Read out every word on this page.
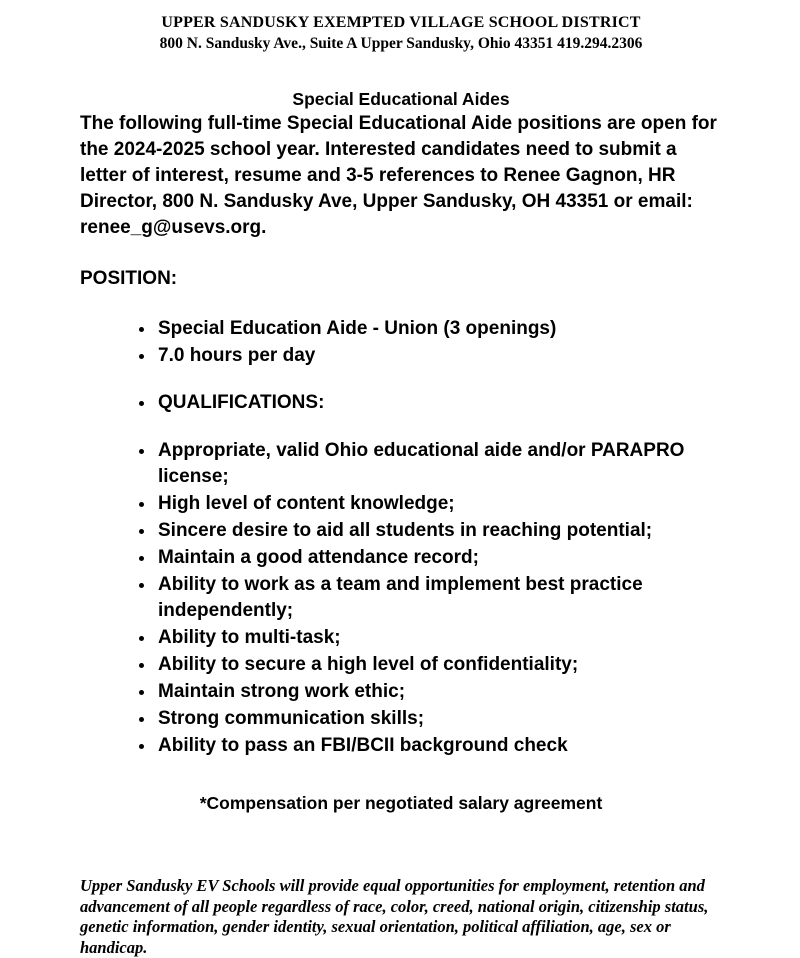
UPPER SANDUSKY EXEMPTED VILLAGE SCHOOL DISTRICT
800 N. Sandusky Ave., Suite A Upper Sandusky, Ohio 43351 419.294.2306
Special Educational Aides
The following full-time Special Educational Aide positions are open for the 2024-2025 school year. Interested candidates need to submit a letter of interest, resume and 3-5 references to Renee Gagnon, HR Director, 800 N. Sandusky Ave, Upper Sandusky, OH 43351 or email: renee_g@usevs.org.
POSITION:
• Special Education Aide - Union (3 openings)
• 7.0 hours per day
• QUALIFICATIONS:
• Appropriate, valid Ohio educational aide and/or PARAPRO license;
• High level of content knowledge;
• Sincere desire to aid all students in reaching potential;
• Maintain a good attendance record;
• Ability to work as a team and implement best practice independently;
• Ability to multi-task;
• Ability to secure a high level of confidentiality;
• Maintain strong work ethic;
• Strong communication skills;
• Ability to pass an FBI/BCII background check
*Compensation per negotiated salary agreement
Upper Sandusky EV Schools will provide equal opportunities for employment, retention and advancement of all people regardless of race, color, creed, national origin, citizenship status, genetic information, gender identity, sexual orientation, political affiliation, age, sex or handicap.
